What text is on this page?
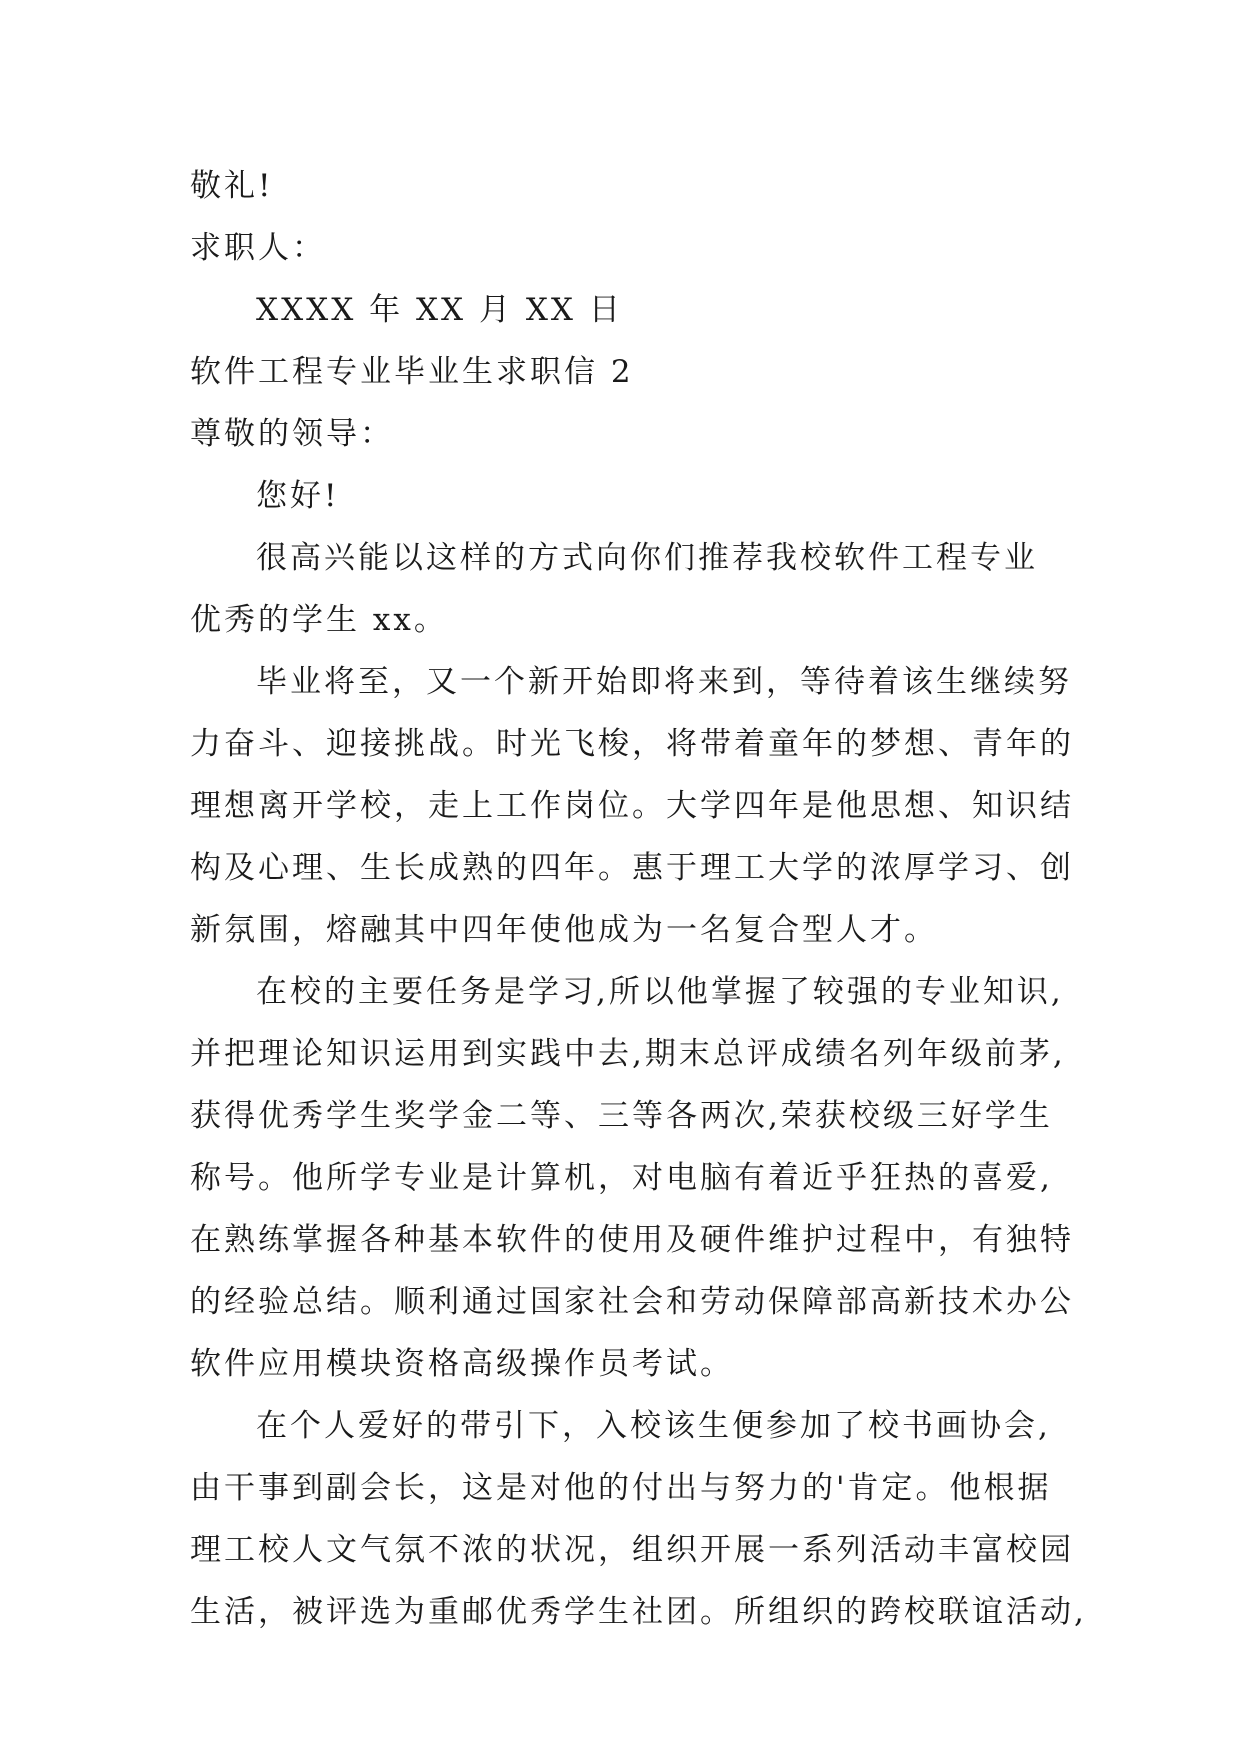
敬礼!

求职人：

XXXX 年 XX 月 XX 日

软件工程专业毕业生求职信 2

尊敬的领导：

您好!

很高兴能以这样的方式向你们推荐我校软件工程专业

优秀的学生 xx。

毕业将至，又一个新开始即将来到，等待着该生继续努

力奋斗、迎接挑战。时光飞梭，将带着童年的梦想、青年的

理想离开学校，走上工作岗位。大学四年是他思想、知识结

构及心理、生长成熟的四年。惠于理工大学的浓厚学习、创

新氛围，熔融其中四年使他成为一名复合型人才。

在校的主要任务是学习,所以他掌握了较强的专业知识,

并把理论知识运用到实践中去,期末总评成绩名列年级前茅,

获得优秀学生奖学金二等、三等各两次,荣获校级三好学生

称号。他所学专业是计算机，对电脑有着近乎狂热的喜爱,

在熟练掌握各种基本软件的使用及硬件维护过程中，有独特

的经验总结。顺利通过国家社会和劳动保障部高新技术办公

软件应用模块资格高级操作员考试。

在个人爱好的带引下，入校该生便参加了校书画协会,

由干事到副会长，这是对他的付出与努力的'肯定。他根据

理工校人文气氛不浓的状况，组织开展一系列活动丰富校园

生活，被评选为重邮优秀学生社团。所组织的跨校联谊活动,
